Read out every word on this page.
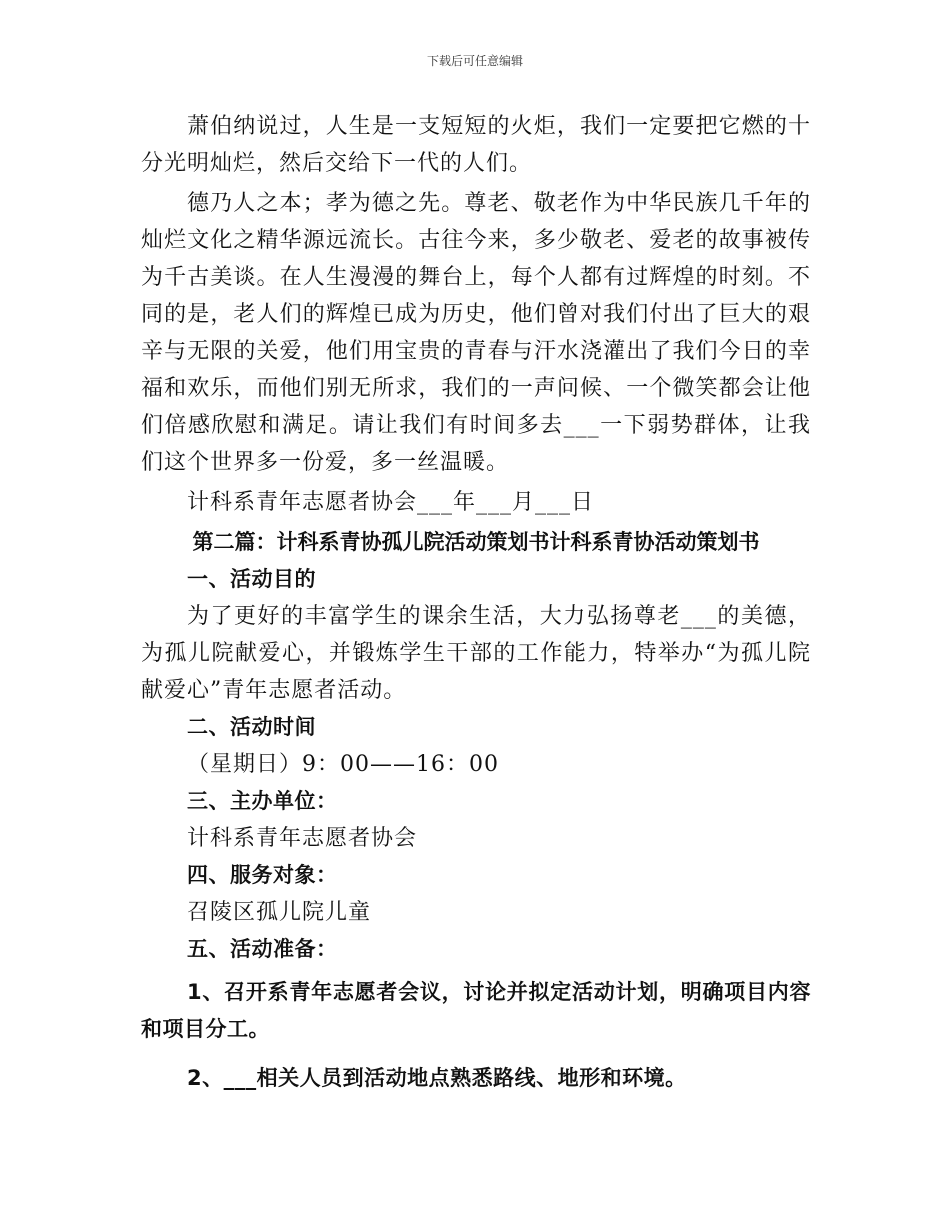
下载后可任意编辑

萧伯纳说过，人生是一支短短的火炬，我们一定要把它燃的十分光明灿烂，然后交给下一代的人们。

德乃人之本；孝为德之先。尊老、敬老作为中华民族几千年的灿烂文化之精华源远流长。古往今来，多少敬老、爱老的故事被传为千古美谈。在人生漫漫的舞台上，每个人都有过辉煌的时刻。不同的是，老人们的辉煌已成为历史，他们曾对我们付出了巨大的艰辛与无限的关爱，他们用宝贵的青春与汗水浇灌出了我们今日的幸福和欢乐，而他们别无所求，我们的一声问候、一个微笑都会让他们倍感欣慰和满足。请让我们有时间多去___一下弱势群体，让我们这个世界多一份爱，多一丝温暖。

计科系青年志愿者协会___年___月___日

第二篇：计科系青协孤儿院活动策划书计科系青协活动策划书

一、活动目的

为了更好的丰富学生的课余生活，大力弘扬尊老___的美德，为孤儿院献爱心，并锻炼学生干部的工作能力，特举办“为孤儿院献爱心”青年志愿者活动。

二、活动时间

（星期日）9：00——16：00

三、主办单位：

计科系青年志愿者协会

四、服务对象：

召陵区孤儿院儿童

五、活动准备：

1、召开系青年志愿者会议，讨论并拟定活动计划，明确项目内容和项目分工。

2、___相关人员到活动地点熟悉路线、地形和环境。
